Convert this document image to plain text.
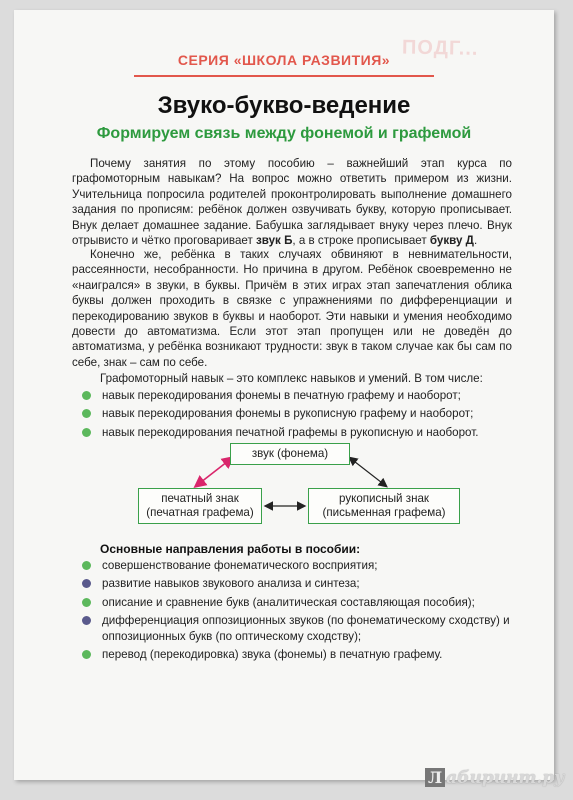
ПОДГ...
СЕРИЯ «ШКОЛА РАЗВИТИЯ»
Звуко-букво-ведение
Формируем связь между фонемой и графемой

Почему занятия по этому пособию – важнейший этап курса по графомоторным навыкам? На вопрос можно ответить примером из жизни. Учительница попросила родителей проконтролировать выполнение домашнего задания по прописям: ребёнок должен озвучивать букву, которую прописывает. Внук делает домашнее задание. Бабушка заглядывает внуку через плечо. Внук отрывисто и чётко проговаривает звук Б, а в строке прописывает букву Д.

Конечно же, ребёнка в таких случаях обвиняют в невнимательности, рассеянности, несобранности. Но причина в другом. Ребёнок своевременно не «наигрался» в звуки, в буквы. Причём в этих играх этап запечатления облика буквы должен проходить в связке с упражнениями по дифференциации и перекодированию звуков в буквы и наоборот. Эти навыки и умения необходимо довести до автоматизма. Если этот этап пропущен или не доведён до автоматизма, у ребёнка возникают трудности: звук в таком случае как бы сам по себе, знак – сам по себе.

Графомоторный навык – это комплекс навыков и умений. В том числе:

навык перекодирования фонемы в печатную графему и наоборот;
навык перекодирования фонемы в рукописную графему и наоборот;
навык перекодирования печатной графемы в рукописную и наоборот.
звук (фонема)
печатный знак
(печатная графема)
рукописный знак
(письменная графема)

Основные направления работы в пособии:

совершенствование фонематического восприятия;
развитие навыков звукового анализа и синтеза;
описание и сравнение букв (аналитическая составляющая пособия);
дифференциация оппозиционных звуков (по фонематическому сходству) и оппозиционных букв (по оптическому сходству);
перевод (перекодировка) звука (фонемы) в печатную графему.
Л абиринт.ру
